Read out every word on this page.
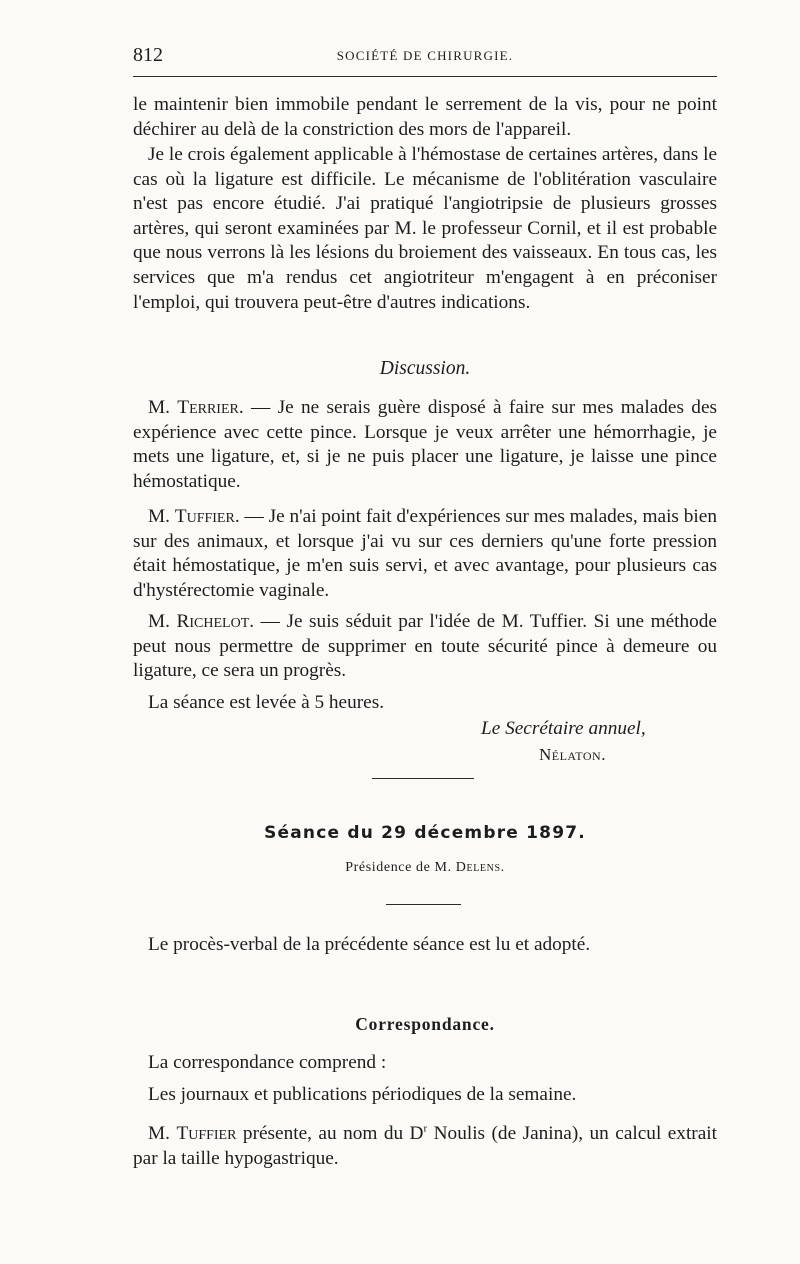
812	SOCIÉTÉ DE CHIRURGIE.

le maintenir bien immobile pendant le serrement de la vis, pour ne point déchirer au delà de la constriction des mors de l'appareil.

Je le crois également applicable à l'hémostase de certaines artères, dans le cas où la ligature est difficile. Le mécanisme de l'oblitération vasculaire n'est pas encore étudié. J'ai pratiqué l'angiotripsie de plusieurs grosses artères, qui seront examinées par M. le professeur Cornil, et il est probable que nous verrons là les lésions du broiement des vaisseaux. En tous cas, les services que m'a rendus cet angiotriteur m'engagent à en préconiser l'emploi, qui trouvera peut-être d'autres indications.

Discussion.

M. Terrier. — Je ne serais guère disposé à faire sur mes malades des expérience avec cette pince. Lorsque je veux arrêter une hémorrhagie, je mets une ligature, et, si je ne puis placer une ligature, je laisse une pince hémostatique.

M. Tuffier. — Je n'ai point fait d'expériences sur mes malades, mais bien sur des animaux, et lorsque j'ai vu sur ces derniers qu'une forte pression était hémostatique, je m'en suis servi, et avec avantage, pour plusieurs cas d'hystérectomie vaginale.

M. Richelot. — Je suis séduit par l'idée de M. Tuffier. Si une méthode peut nous permettre de supprimer en toute sécurité pince à demeure ou ligature, ce sera un progrès.

La séance est levée à 5 heures.
Le Secrétaire annuel,
Nélaton.
Séance du 29 décembre 1897.
Présidence de M. Delens.
Le procès-verbal de la précédente séance est lu et adopté.
Correspondance.
La correspondance comprend :
Les journaux et publications périodiques de la semaine.

M. Tuffier présente, au nom du $D^r$ Noulis (de Janina), un calcul extrait par la taille hypogastrique.
